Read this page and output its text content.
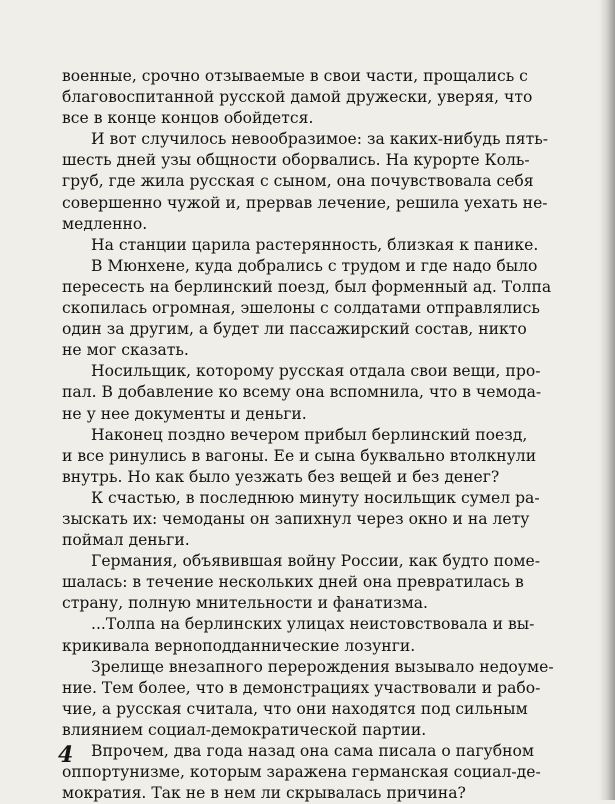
военные, срочно отзываемые в свои части, прощались с
благовоспитанной русской дамой дружески, уверяя, что
все в конце концов обойдется.
И вот случилось невообразимое: за каких-нибудь пять-
шесть дней узы общности оборвались. На курорте Коль-
груб, где жила русская с сыном, она почувствовала себя
совершенно чужой и, прервав лечение, решила уехать не-
медленно.
На станции царила растерянность, близкая к панике.
В Мюнхене, куда добрались с трудом и где надо было
пересесть на берлинский поезд, был форменный ад. Толпа
скопилась огромная, эшелоны с солдатами отправлялись
один за другим, а будет ли пассажирский состав, никто
не мог сказать.
Носильщик, которому русская отдала свои вещи, про-
пал. В добавление ко всему она вспомнила, что в чемода-
не у нее документы и деньги.
Наконец поздно вечером прибыл берлинский поезд,
и все ринулись в вагоны. Ее и сына буквально втолкнули
внутрь. Но как было уезжать без вещей и без денег?
К счастью, в последнюю минуту носильщик сумел ра-
зыскать их: чемоданы он запихнул через окно и на лету
поймал деньги.
Германия, объявившая войну России, как будто поме-
шалась: в течение нескольких дней она превратилась в
страну, полную мнительности и фанатизма.
...Толпа на берлинских улицах неистовствовала и вы-
крикивала верноподданнические лозунги.
Зрелище внезапного перерождения вызывало недоуме-
ние. Тем более, что в демонстрациях участвовали и рабо-
чие, а русская считала, что они находятся под сильным
влиянием социал-демократической партии.
Впрочем, два года назад она сама писала о пагубном
оппортунизме, которым заражена германская социал-де-
мократия. Так не в нем ли скрывалась причина?
4
